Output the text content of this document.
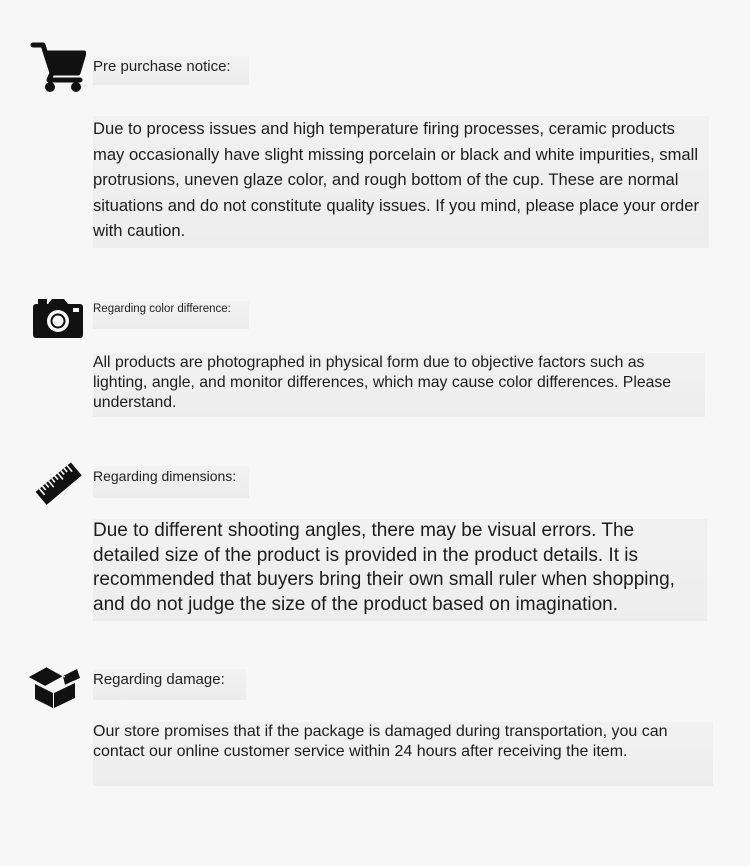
Pre purchase notice:
Due to process issues and high temperature firing processes, ceramic products may occasionally have slight missing porcelain or black and white impurities, small protrusions, uneven glaze color, and rough bottom of the cup. These are normal situations and do not constitute quality issues. If you mind, please place your order with caution.
Regarding color difference:
All products are photographed in physical form due to objective factors such as lighting, angle, and monitor differences, which may cause color differences. Please understand.
Regarding dimensions:
Due to different shooting angles, there may be visual errors. The detailed size of the product is provided in the product details. It is recommended that buyers bring their own small ruler when shopping, and do not judge the size of the product based on imagination.
Regarding damage:
Our store promises that if the package is damaged during transportation, you can contact our online customer service within 24 hours after receiving the item.
